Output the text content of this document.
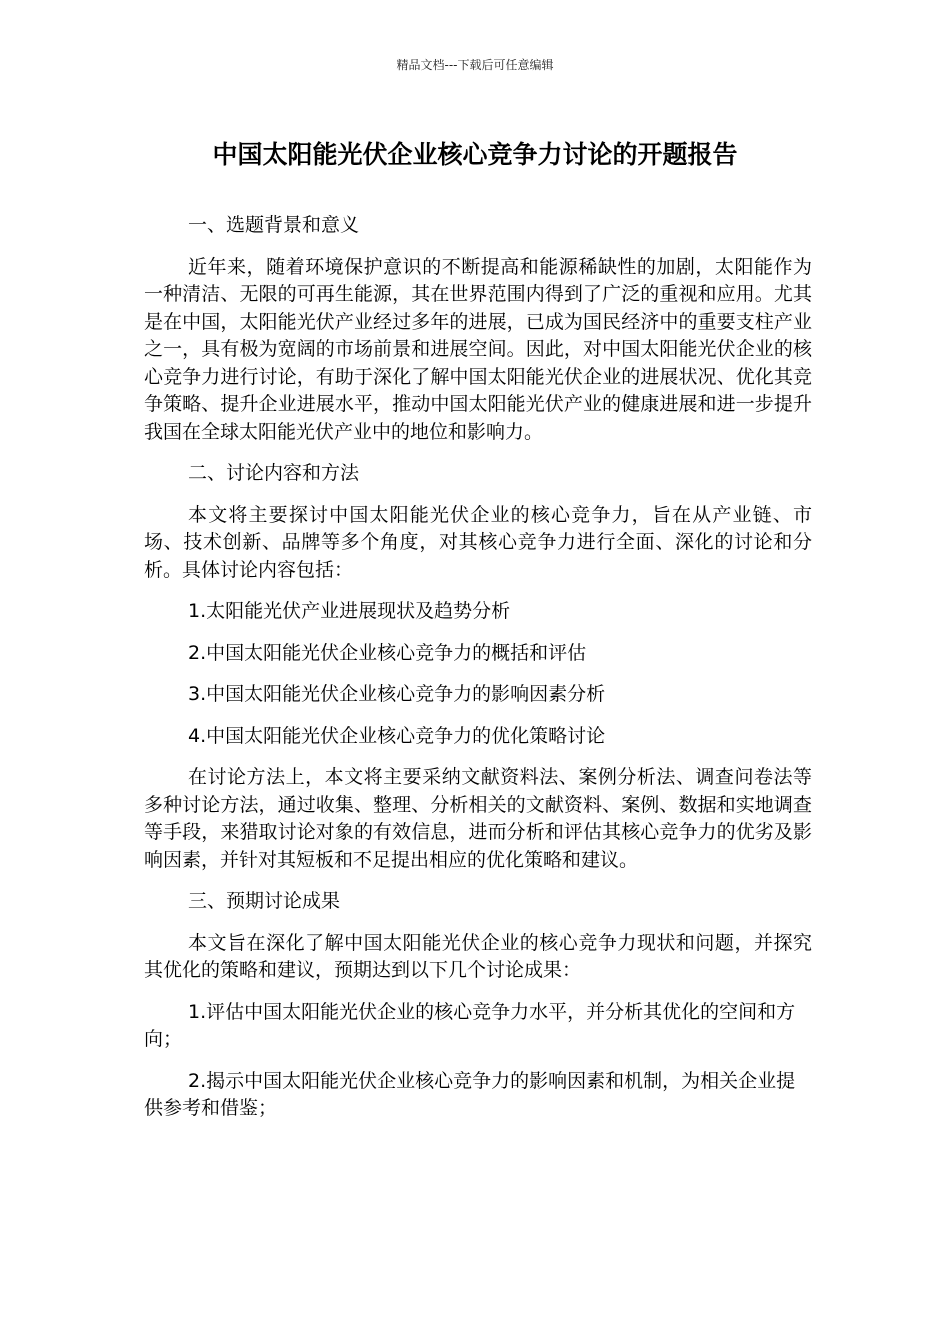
精品文档---下载后可任意编辑
中国太阳能光伏企业核心竞争力讨论的开题报告

一、选题背景和意义

近年来，随着环境保护意识的不断提高和能源稀缺性的加剧，太阳能作为一种清洁、无限的可再生能源，其在世界范围内得到了广泛的重视和应用。尤其是在中国，太阳能光伏产业经过多年的进展，已成为国民经济中的重要支柱产业之一，具有极为宽阔的市场前景和进展空间。因此，对中国太阳能光伏企业的核心竞争力进行讨论，有助于深化了解中国太阳能光伏企业的进展状况、优化其竞争策略、提升企业进展水平，推动中国太阳能光伏产业的健康进展和进一步提升我国在全球太阳能光伏产业中的地位和影响力。

二、讨论内容和方法

本文将主要探讨中国太阳能光伏企业的核心竞争力，旨在从产业链、市场、技术创新、品牌等多个角度，对其核心竞争力进行全面、深化的讨论和分析。具体讨论内容包括：

1.太阳能光伏产业进展现状及趋势分析

2.中国太阳能光伏企业核心竞争力的概括和评估

3.中国太阳能光伏企业核心竞争力的影响因素分析

4.中国太阳能光伏企业核心竞争力的优化策略讨论

在讨论方法上，本文将主要采纳文献资料法、案例分析法、调查问卷法等多种讨论方法，通过收集、整理、分析相关的文献资料、案例、数据和实地调查等手段，来猎取讨论对象的有效信息，进而分析和评估其核心竞争力的优劣及影响因素，并针对其短板和不足提出相应的优化策略和建议。

三、预期讨论成果

本文旨在深化了解中国太阳能光伏企业的核心竞争力现状和问题，并探究其优化的策略和建议，预期达到以下几个讨论成果：

1.评估中国太阳能光伏企业的核心竞争力水平，并分析其优化的空间和方向；

2.揭示中国太阳能光伏企业核心竞争力的影响因素和机制，为相关企业提供参考和借鉴；
